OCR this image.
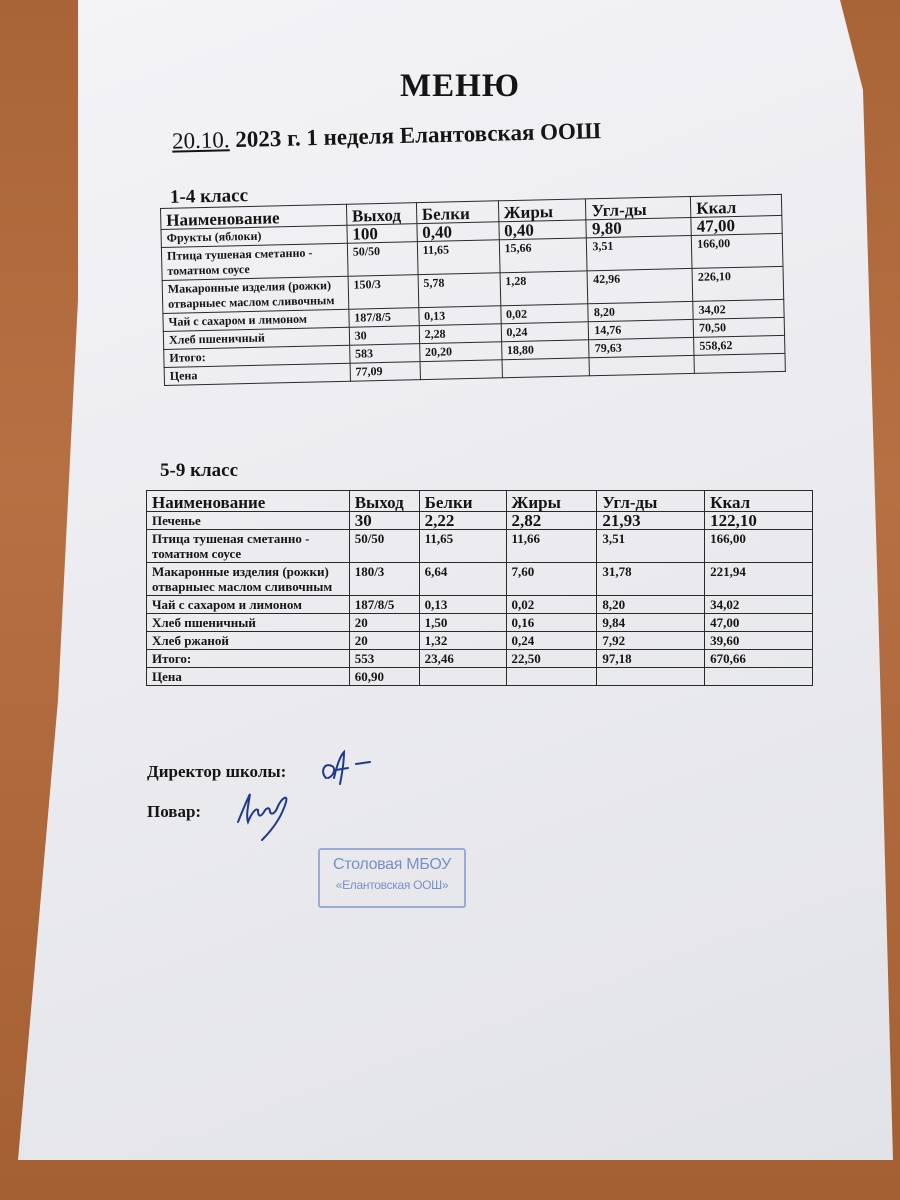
МЕНЮ
20.10. 2023 г. 1 неделя Елантовская ООШ
1-4 класс
Наименование	Выход	Белки	Жиры	Угл-ды	Ккал
Фрукты (яблоки)	100	0,40	0,40	9,80	47,00
Птица тушеная сметанно - томатном соусе	50/50	11,65	15,66	3,51	166,00
Макаронные изделия (рожки) отварныес маслом сливочным	150/3	5,78	1,28	42,96	226,10
Чай с сахаром и лимоном	187/8/5	0,13	0,02	8,20	34,02
Хлеб пшеничный	30	2,28	0,24	14,76	70,50
Итого:	583	20,20	18,80	79,63	558,62
Цена	77,09				
5-9 класс
Наименование	Выход	Белки	Жиры	Угл-ды	Ккал
Печенье	30	2,22	2,82	21,93	122,10
Птица тушеная сметанно - томатном соусе	50/50	11,65	11,66	3,51	166,00
Макаронные изделия (рожки) отварныес маслом сливочным	180/3	6,64	7,60	31,78	221,94
Чай с сахаром и лимоном	187/8/5	0,13	0,02	8,20	34,02
Хлеб пшеничный	20	1,50	0,16	9,84	47,00
Хлеб ржаной	20	1,32	0,24	7,92	39,60
Итого:	553	23,46	22,50	97,18	670,66
Цена	60,90				
Директор школы:
Повар:
Столовая МБОУ
«Елантовская ООШ»
